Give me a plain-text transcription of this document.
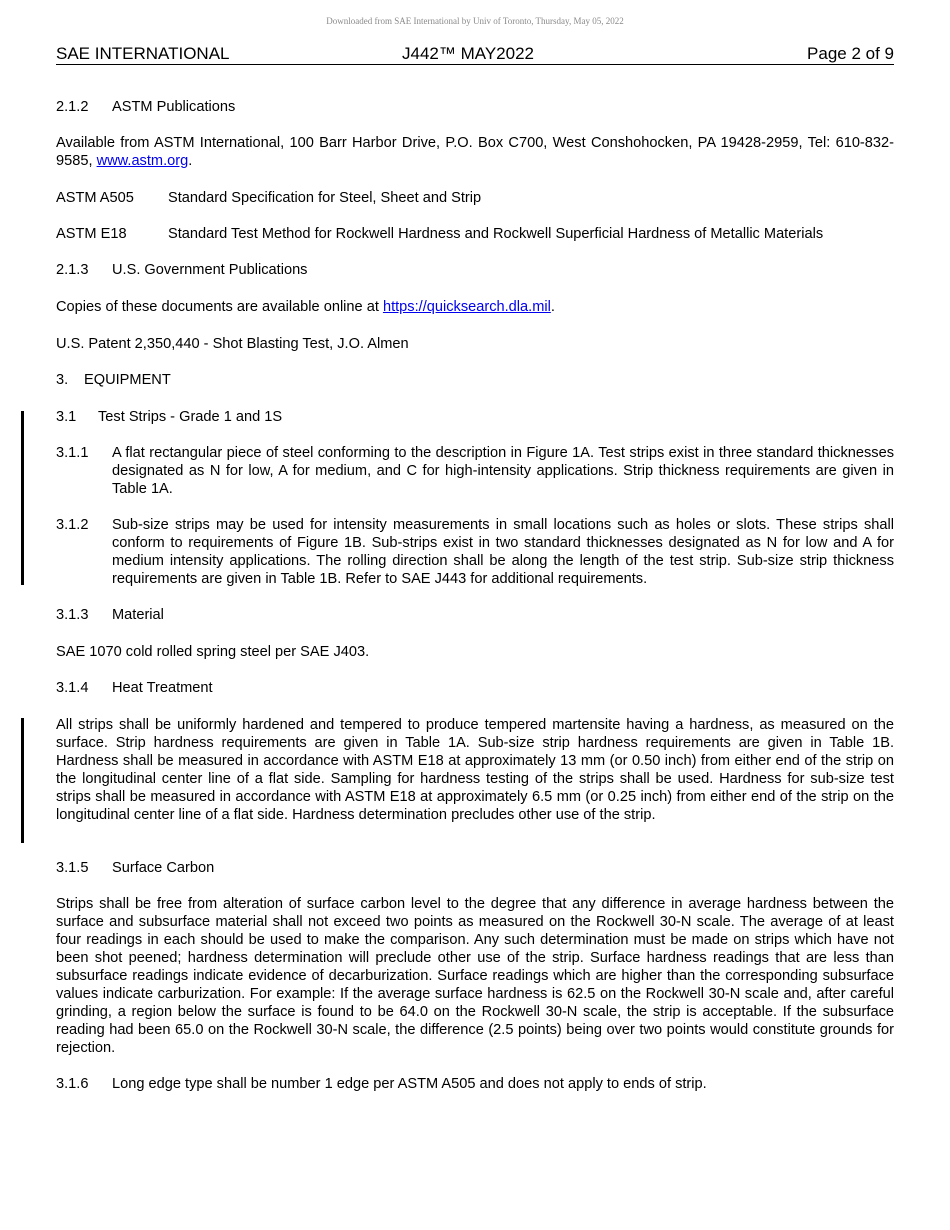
Downloaded from SAE International by Univ of Toronto, Thursday, May 05, 2022
SAE INTERNATIONAL	J442™ MAY2022	Page 2 of 9
2.1.2 ASTM Publications

Available from ASTM International, 100 Barr Harbor Drive, P.O. Box C700, West Conshohocken, PA 19428-2959, Tel: 610-832-9585, www.astm.org.

ASTM A505 Standard Specification for Steel, Sheet and Strip
ASTM E18	Standard Test Method for Rockwell Hardness and Rockwell Superficial Hardness of Metallic Materials
2.1.3 U.S. Government Publications

Copies of these documents are available online at https://quicksearch.dla.mil.

U.S. Patent 2,350,440 - Shot Blasting Test, J.O. Almen

3. EQUIPMENT
3.1 Test Strips - Grade 1 and 1S
3.1.1 A flat rectangular piece of steel conforming to the description in Figure 1A. Test strips exist in three standard thicknesses designated as N for low, A for medium, and C for high-intensity applications. Strip thickness requirements are given in Table 1A.

3.1.2 Sub-size strips may be used for intensity measurements in small locations such as holes or slots. These strips shall conform to requirements of Figure 1B. Sub-strips exist in two standard thicknesses designated as N for low and A for medium intensity applications. The rolling direction shall be along the length of the test strip. Sub-size strip thickness requirements are given in Table 1B. Refer to SAE J443 for additional requirements.

3.1.3 Material

SAE 1070 cold rolled spring steel per SAE J403.

3.1.4 Heat Treatment

All strips shall be uniformly hardened and tempered to produce tempered martensite having a hardness, as measured on the surface. Strip hardness requirements are given in Table 1A. Sub-size strip hardness requirements are given in Table 1B. Hardness shall be measured in accordance with ASTM E18 at approximately 13 mm (or 0.50 inch) from either end of the strip on the longitudinal center line of a flat side. Sampling for hardness testing of the strips shall be used. Hardness for sub-size test strips shall be measured in accordance with ASTM E18 at approximately 6.5 mm (or 0.25 inch) from either end of the strip on the longitudinal center line of a flat side. Hardness determination precludes other use of the strip.

3.1.5 Surface Carbon

Strips shall be free from alteration of surface carbon level to the degree that any difference in average hardness between the surface and subsurface material shall not exceed two points as measured on the Rockwell 30-N scale. The average of at least four readings in each should be used to make the comparison. Any such determination must be made on strips which have not been shot peened; hardness determination will preclude other use of the strip. Surface hardness readings that are less than subsurface readings indicate evidence of decarburization. Surface readings which are higher than the corresponding subsurface values indicate carburization. For example: If the average surface hardness is 62.5 on the Rockwell 30-N scale and, after careful grinding, a region below the surface is found to be 64.0 on the Rockwell 30-N scale, the strip is acceptable. If the subsurface reading had been 65.0 on the Rockwell 30-N scale, the difference (2.5 points) being over two points would constitute grounds for rejection.

3.1.6 Long edge type shall be number 1 edge per ASTM A505 and does not apply to ends of strip.
